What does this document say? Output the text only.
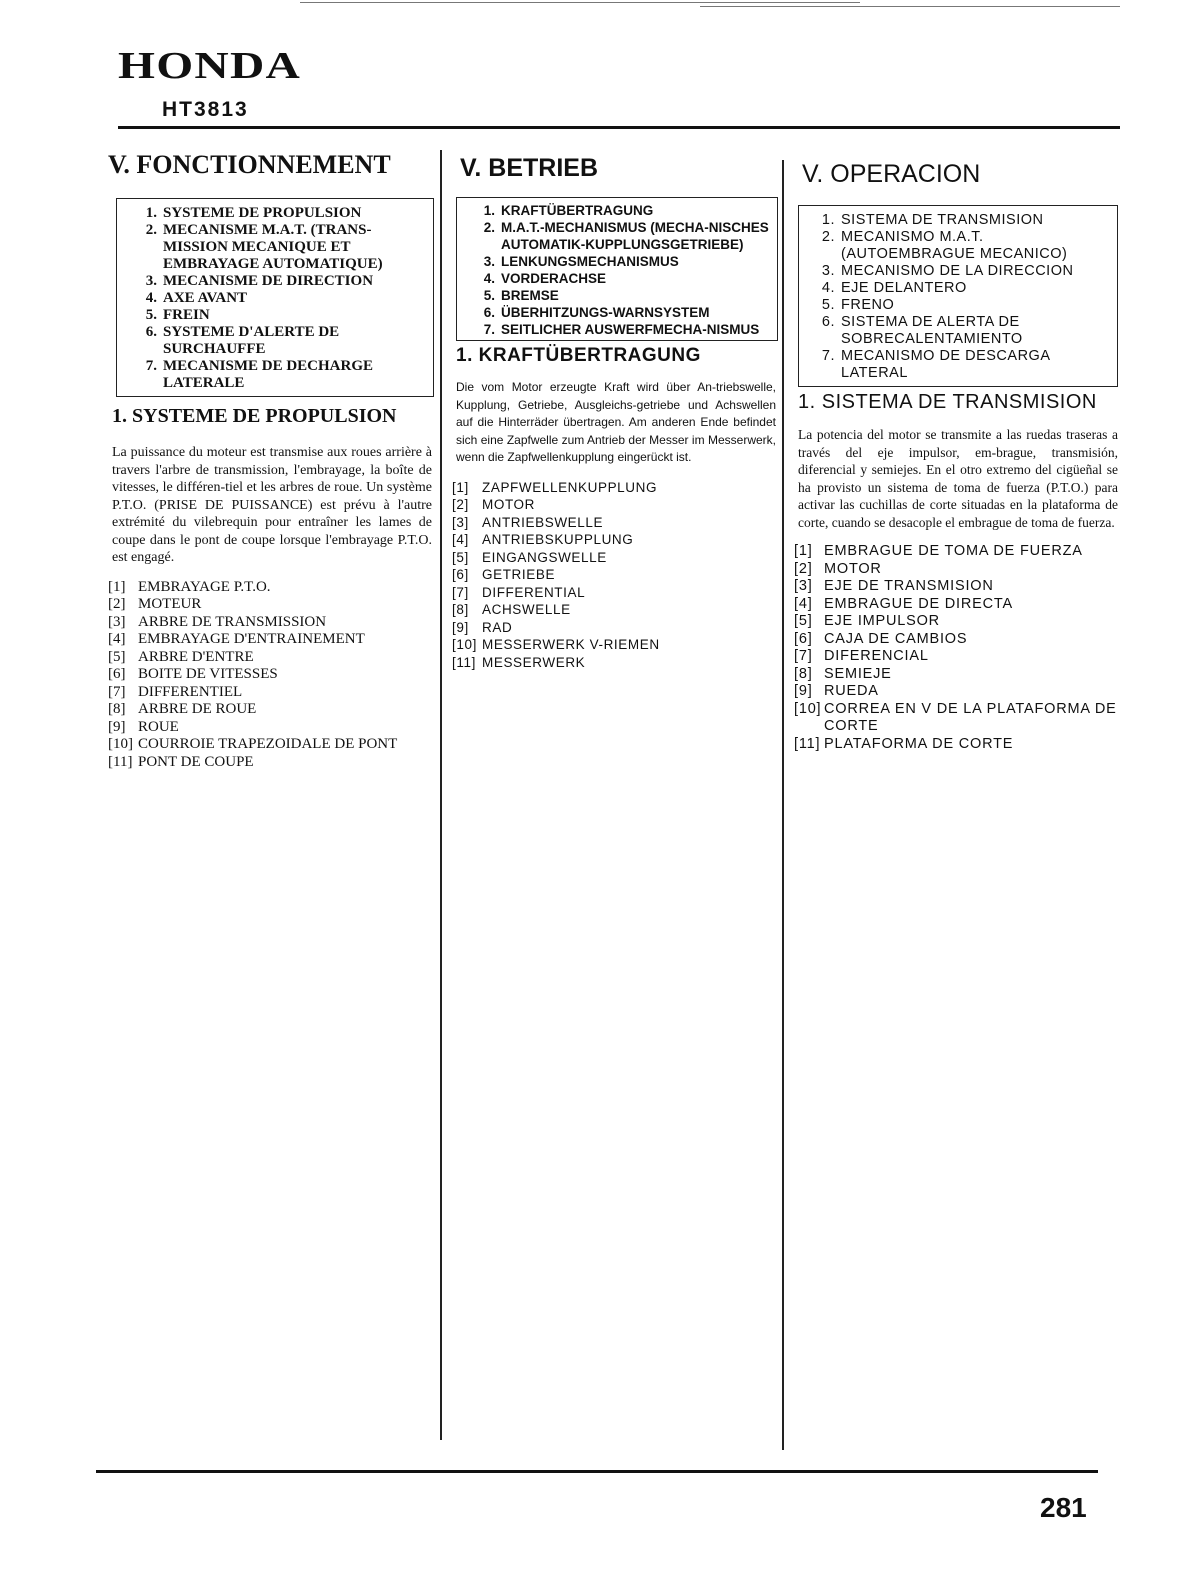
HONDA
HT3813
V. FONCTIONNEMENT
1. SYSTEME DE PROPULSION
2. MECANISME M.A.T. (TRANS-MISSION MECANIQUE ET EMBRAYAGE AUTOMATIQUE)
3. MECANISME DE DIRECTION
4. AXE AVANT
5. FREIN
6. SYSTEME D'ALERTE DE SURCHAUFFE
7. MECANISME DE DECHARGE LATERALE
1. SYSTEME DE PROPULSION

La puissance du moteur est transmise aux roues arrière à travers l'arbre de transmission, l'embrayage, la boîte de vitesses, le différen-tiel et les arbres de roue. Un système P.T.O. (PRISE DE PUISSANCE) est prévu à l'autre extrémité du vilebrequin pour entraîner les lames de coupe dans le pont de coupe lorsque l'embrayage P.T.O. est engagé.

[1] EMBRAYAGE P.T.O.
[2] MOTEUR
[3] ARBRE DE TRANSMISSION
[4] EMBRAYAGE D'ENTRAINEMENT
[5] ARBRE D'ENTRE
[6] BOITE DE VITESSES
[7] DIFFERENTIEL
[8] ARBRE DE ROUE
[9] ROUE
[10] COURROIE TRAPEZOIDALE DE PONT
[11] PONT DE COUPE
V. BETRIEB
1. KRAFTÜBERTRAGUNG
2. M.A.T.-MECHANISMUS (MECHA-NISCHES AUTOMATIK-KUPPLUNGSGETRIEBE)
3. LENKUNGSMECHANISMUS
4. VORDERACHSE
5. BREMSE
6. ÜBERHITZUNGS-WARNSYSTEM
7. SEITLICHER AUSWERFMECHA-NISMUS
1. KRAFTÜBERTRAGUNG

Die vom Motor erzeugte Kraft wird über An-triebswelle, Kupplung, Getriebe, Ausgleichs-getriebe und Achswellen auf die Hinterräder übertragen. Am anderen Ende befindet sich eine Zapfwelle zum Antrieb der Messer im Messerwerk, wenn die Zapfwellenkupplung eingerückt ist.

[1] ZAPFWELLENKUPPLUNG
[2] MOTOR
[3] ANTRIEBSWELLE
[4] ANTRIEBSKUPPLUNG
[5] EINGANGSWELLE
[6] GETRIEBE
[7] DIFFERENTIAL
[8] ACHSWELLE
[9] RAD
[10] MESSERWERK V-RIEMEN
[11] MESSERWERK
V. OPERACION
1. SISTEMA DE TRANSMISION
2. MECANISMO M.A.T. (AUTOEMBRAGUE MECANICO)
3. MECANISMO DE LA DIRECCION
4. EJE DELANTERO
5. FRENO
6. SISTEMA DE ALERTA DE SOBRECALENTAMIENTO
7. MECANISMO DE DESCARGA LATERAL
1. SISTEMA DE TRANSMISION

La potencia del motor se transmite a las ruedas traseras a través del eje impulsor, em-brague, transmisión, diferencial y semiejes. En el otro extremo del cigüeñal se ha provisto un sistema de toma de fuerza (P.T.O.) para activar las cuchillas de corte situadas en la plataforma de corte, cuando se desacople el embrague de toma de fuerza.

[1] EMBRAGUE DE TOMA DE FUERZA
[2] MOTOR
[3] EJE DE TRANSMISION
[4] EMBRAGUE DE DIRECTA
[5] EJE IMPULSOR
[6] CAJA DE CAMBIOS
[7] DIFERENCIAL
[8] SEMIEJE
[9] RUEDA
[10] CORREA EN V DE LA PLATAFORMA DE CORTE
[11] PLATAFORMA DE CORTE
281
